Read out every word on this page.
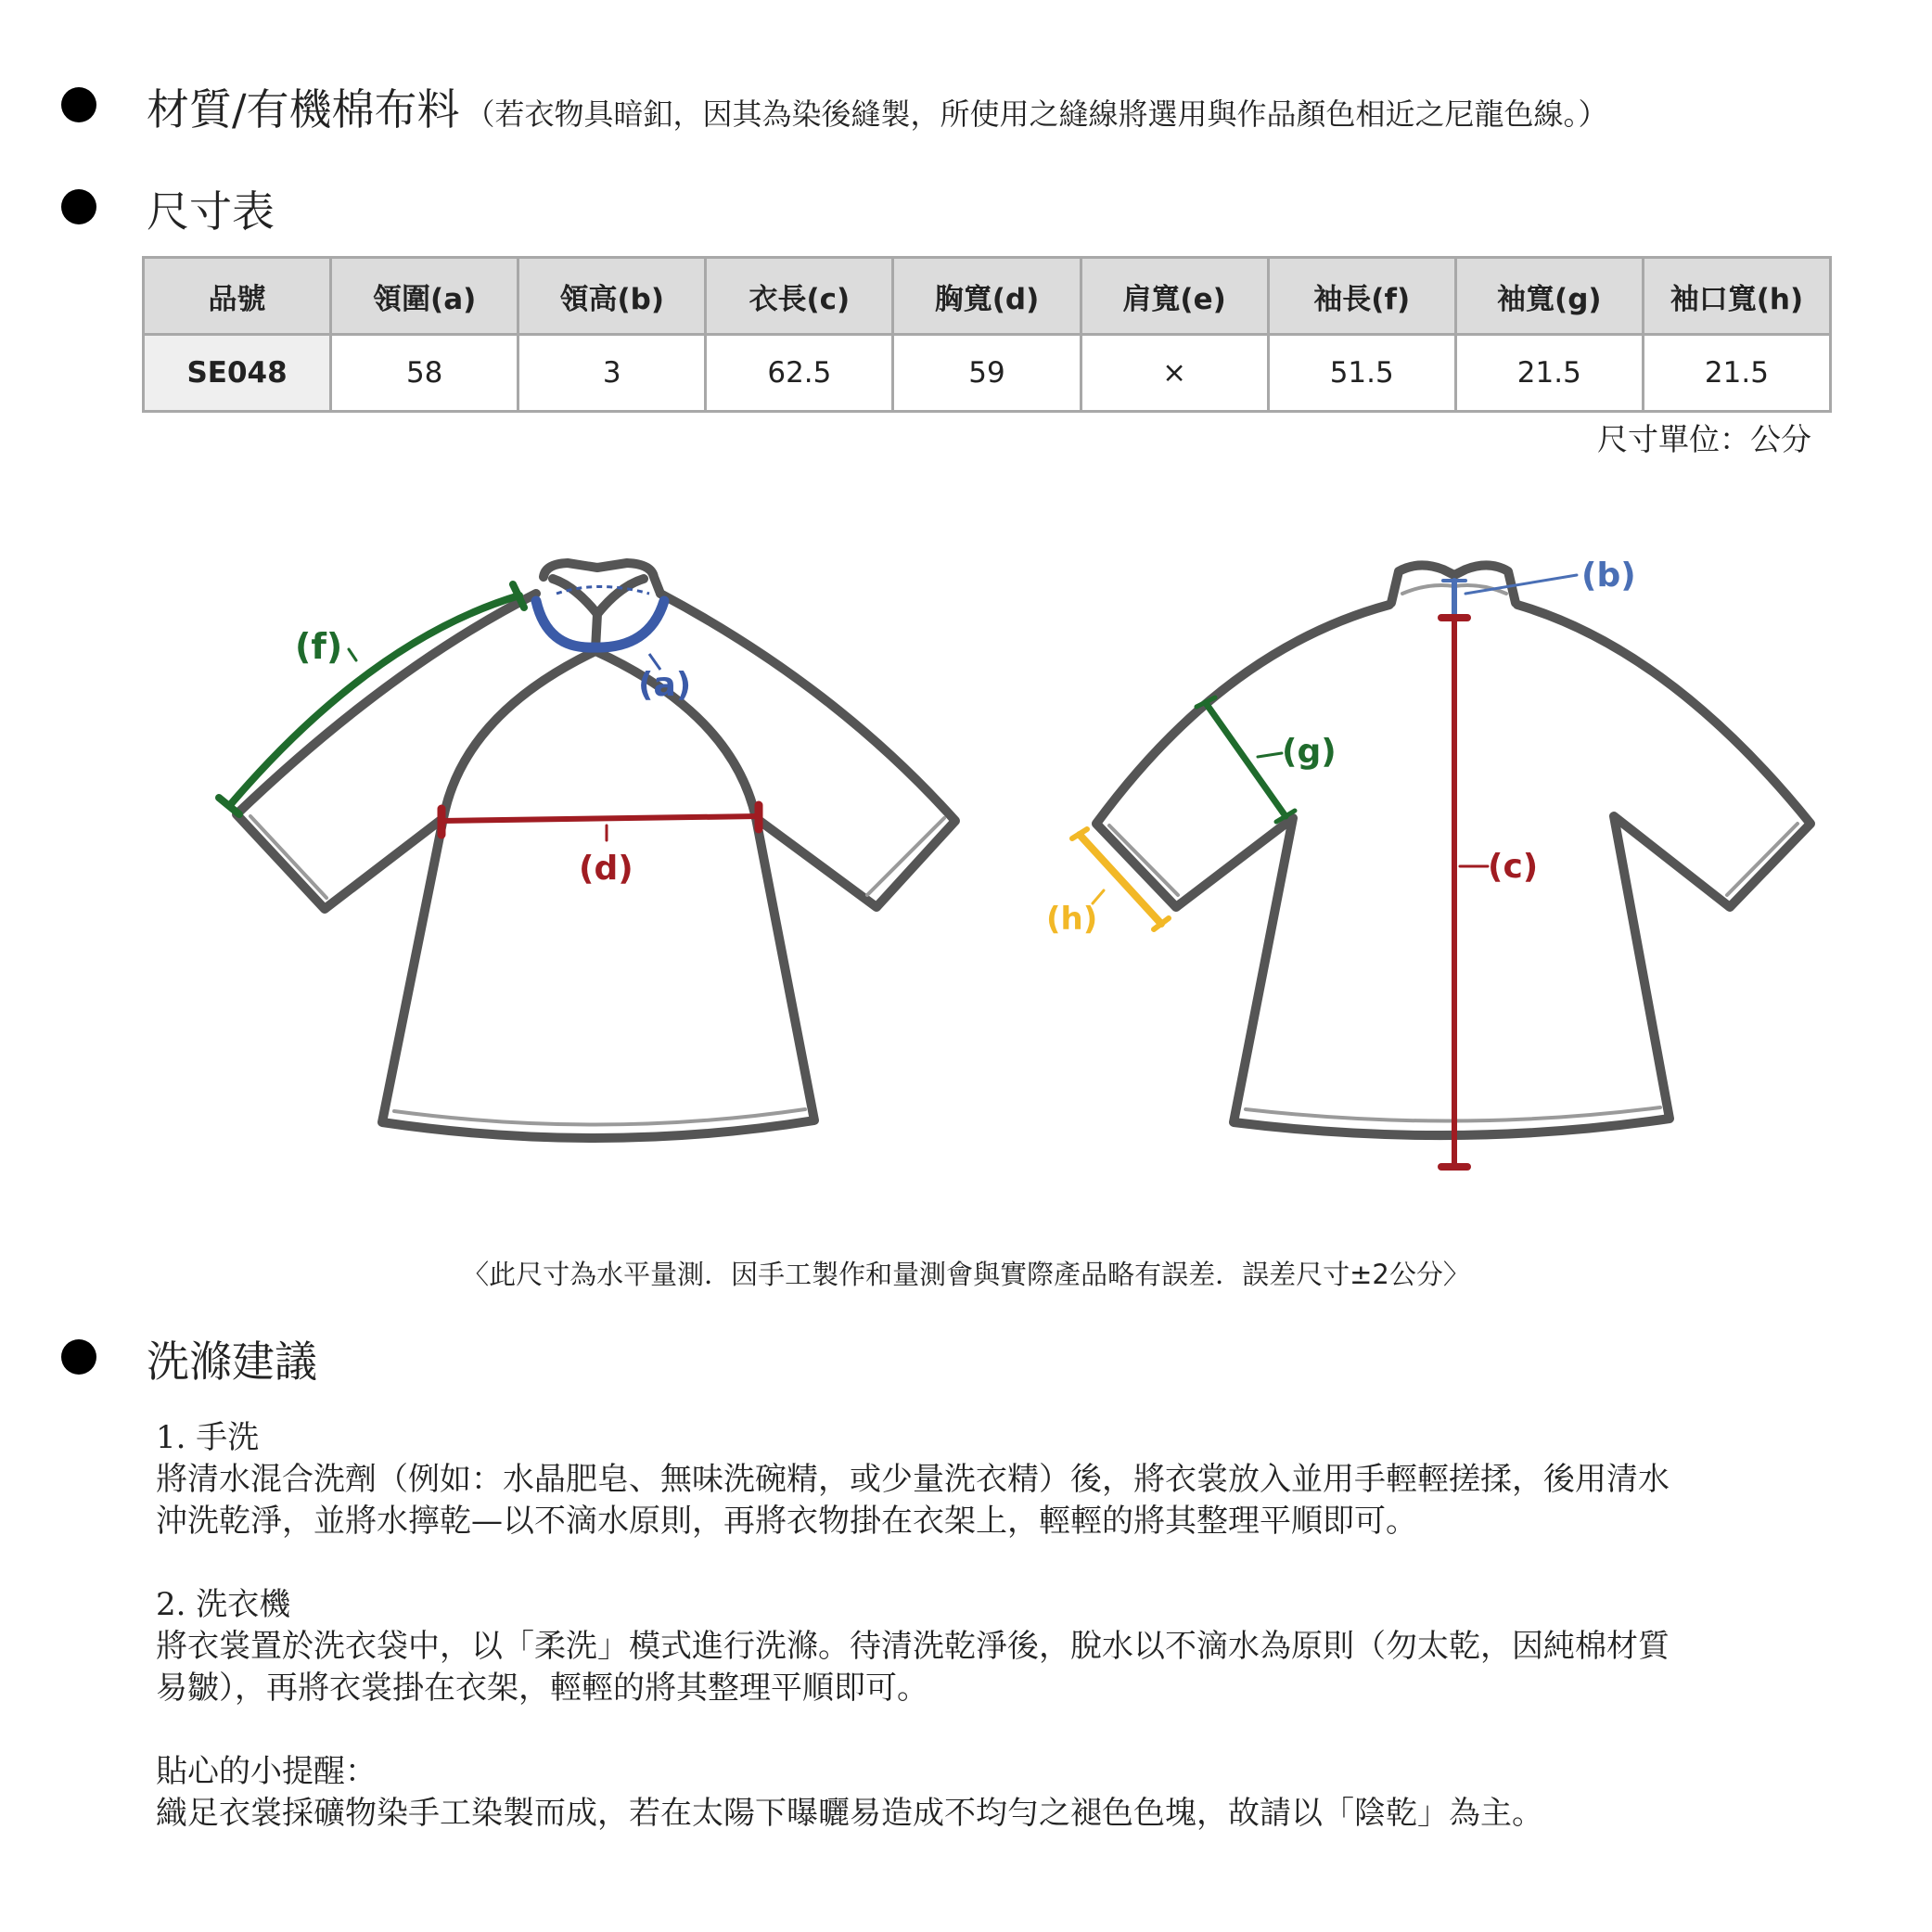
材質/有機棉布料 （若衣物具暗釦，因其為染後縫製，所使用之縫線將選用與作品顏色相近之尼龍色線。）
尺寸表
品號	領圍(a)	領高(b)	衣長(c)	胸寬(d)	肩寬(e)	袖長(f)	袖寬(g)	袖口寬(h)
SE048	58	3	62.5	59	×	51.5	21.5	21.5
尺寸單位：公分
(a)
(f)
(d)
(b)
(c)
(g)
(h)
〈此尺寸為水平量測．因手工製作和量測會與實際產品略有誤差．誤差尺寸±2公分〉
洗滌建議

1. 手洗

將清水混合洗劑（例如：水晶肥皂、無味洗碗精，或少量洗衣精）後，將衣裳放入並用手輕輕搓揉，後用清水

沖洗乾淨，並將水擰乾—以不滴水原則，再將衣物掛在衣架上，輕輕的將其整理平順即可。

2. 洗衣機

將衣裳置於洗衣袋中，以「柔洗」模式進行洗滌。待清洗乾淨後，脫水以不滴水為原則（勿太乾，因純棉材質

易皺），再將衣裳掛在衣架，輕輕的將其整理平順即可。

貼心的小提醒：

織足衣裳採礦物染手工染製而成，若在太陽下曝曬易造成不均勻之褪色色塊，故請以「陰乾」為主。
